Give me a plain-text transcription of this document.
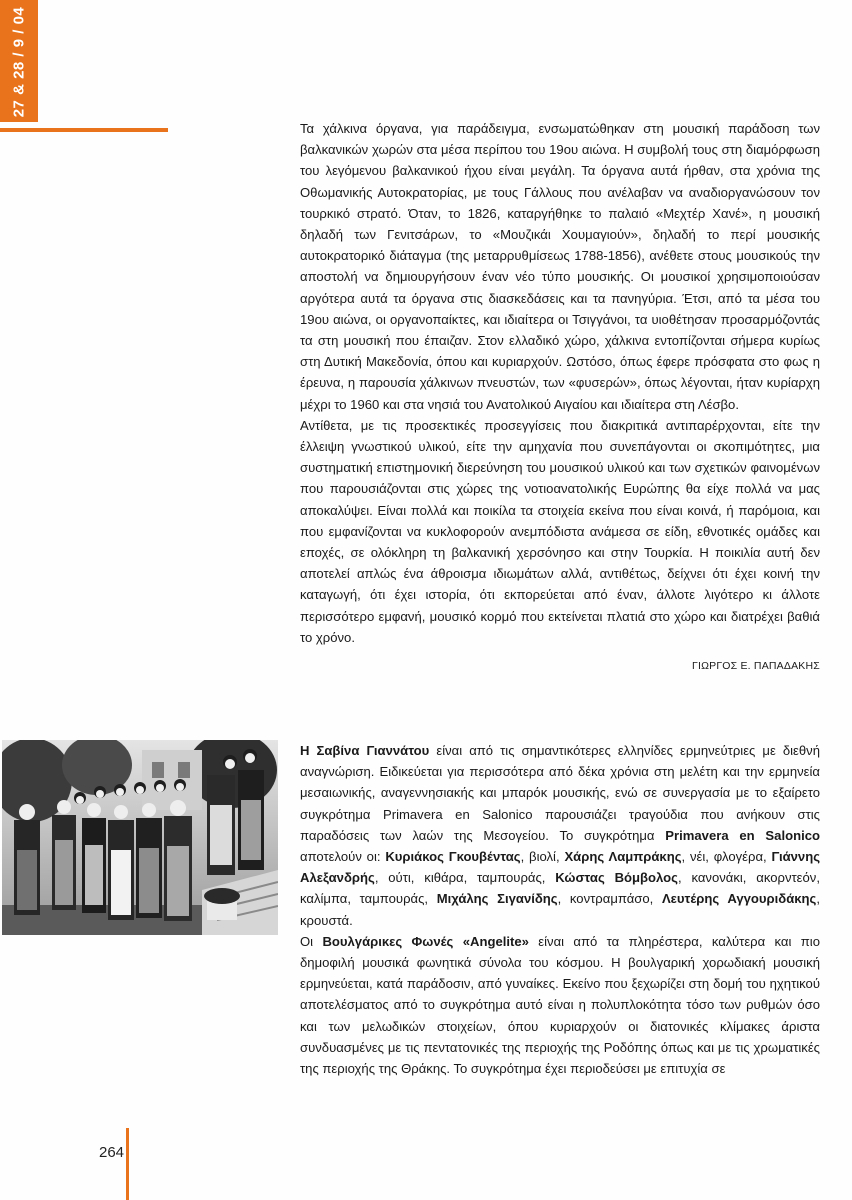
27 & 28 / 9 / 04

Τα χάλκινα όργανα, για παράδειγμα, ενσωματώθηκαν στη μουσική παράδοση των βαλκανικών χωρών στα μέσα περίπου του 19ου αιώνα. Η συμβολή τους στη διαμόρφωση του λεγόμενου βαλκανικού ήχου είναι μεγάλη. Τα όργανα αυτά ήρθαν, στα χρόνια της Οθωμανικής Αυτοκρατορίας, με τους Γάλλους που ανέλαβαν να αναδιοργανώσουν τον τουρκικό στρατό. Όταν, το 1826, καταργήθηκε το παλαιό «Μεχτέρ Χανέ», η μουσική δηλαδή των Γενιτσάρων, το «Μουζικάι Χουμαγιούν», δηλαδή το περί μουσικής αυτοκρατορικό διάταγμα (της μεταρρυθμίσεως 1788-1856), ανέθετε στους μουσικούς την αποστολή να δημιουργήσουν έναν νέο τύπο μουσικής. Οι μουσικοί χρησιμοποιούσαν αργότερα αυτά τα όργανα στις διασκεδάσεις και τα πανηγύρια. Έτσι, από τα μέσα του 19ου αιώνα, οι οργανοπαίκτες, και ιδιαίτερα οι Τσιγγάνοι, τα υιοθέτησαν προσαρμόζοντάς τα στη μουσική που έπαιζαν. Στον ελλαδικό χώρο, χάλκινα εντοπίζονται σήμερα κυρίως στη Δυτική Μακεδονία, όπου και κυριαρχούν. Ωστόσο, όπως έφερε πρόσφατα στο φως η έρευνα, η παρουσία χάλκινων πνευστών, των «φυσερών», όπως λέγονται, ήταν κυρίαρχη μέχρι το 1960 και στα νησιά του Ανατολικού Αιγαίου και ιδιαίτερα στη Λέσβο.

Αντίθετα, με τις προσεκτικές προσεγγίσεις που διακριτικά αντιπαρέρχονται, είτε την έλλειψη γνωστικού υλικού, είτε την αμηχανία που συνεπάγονται οι σκοπιμότητες, μια συστηματική επιστημονική διερεύνηση του μουσικού υλικού και των σχετικών φαινομένων που παρουσιάζονται στις χώρες της νοτιοανατολικής Ευρώπης θα είχε πολλά να μας αποκαλύψει. Είναι πολλά και ποικίλα τα στοιχεία εκείνα που είναι κοινά, ή παρόμοια, και που εμφανίζονται να κυκλοφορούν ανεμπόδιστα ανάμεσα σε είδη, εθνοτικές ομάδες και εποχές, σε ολόκληρη τη βαλκανική χερσόνησο και στην Τουρκία. Η ποικιλία αυτή δεν αποτελεί απλώς ένα άθροισμα ιδιωμάτων αλλά, αντιθέτως, δείχνει ότι έχει κοινή την καταγωγή, ότι έχει ιστορία, ότι εκπορεύεται από έναν, άλλοτε λιγότερο κι άλλοτε περισσότερο εμφανή, μουσικό κορμό που εκτείνεται πλατιά στο χώρο και διατρέχει βαθιά το χρόνο.

ΓΙΩΡΓΟΣ Ε. ΠΑΠΑΔΑΚΗΣ

Η Σαβίνα Γιαννάτου είναι από τις σημαντικότερες ελληνίδες ερμηνεύτριες με διεθνή αναγνώριση. Ειδικεύεται για περισσότερα από δέκα χρόνια στη μελέτη και την ερμηνεία μεσαιωνικής, αναγεννησιακής και μπαρόκ μουσικής, ενώ σε συνεργασία με το εξαίρετο συγκρότημα Primavera en Salonico παρουσιάζει τραγούδια που ανήκουν στις παραδόσεις των λαών της Μεσογείου. Το συγκρότημα Primavera en Salonico αποτελούν οι: Κυριάκος Γκουβέντας, βιολί, Χάρης Λαμπράκης, νέι, φλογέρα, Γιάννης Αλεξανδρής, ούτι, κιθάρα, ταμπουράς, Κώστας Βόμβολος, κανονάκι, ακορντεόν, καλίμπα, ταμπουράς, Μιχάλης Σιγανίδης, κοντραμπάσο, Λευτέρης Αγγουριδάκης, κρουστά.

Οι Βουλγάρικες Φωνές «Angelite» είναι από τα πληρέστερα, καλύτερα και πιο δημοφιλή μουσικά φωνητικά σύνολα του κόσμου. Η βουλγαρική χορωδιακή μουσική ερμηνεύεται, κατά παράδοσιν, από γυναίκες. Εκείνο που ξεχωρίζει στη δομή του ηχητικού αποτελέσματος από το συγκρότημα αυτό είναι η πολυπλοκότητα τόσο των ρυθμών όσο και των μελωδικών στοιχείων, όπου κυριαρχούν οι διατονικές κλίμακες άριστα συνδυασμένες με τις πεντατονικές της περιοχής της Ροδόπης όπως και με τις χρωματικές της περιοχής της Θράκης. Το συγκρότημα έχει περιοδεύσει με επιτυχία σε

264
